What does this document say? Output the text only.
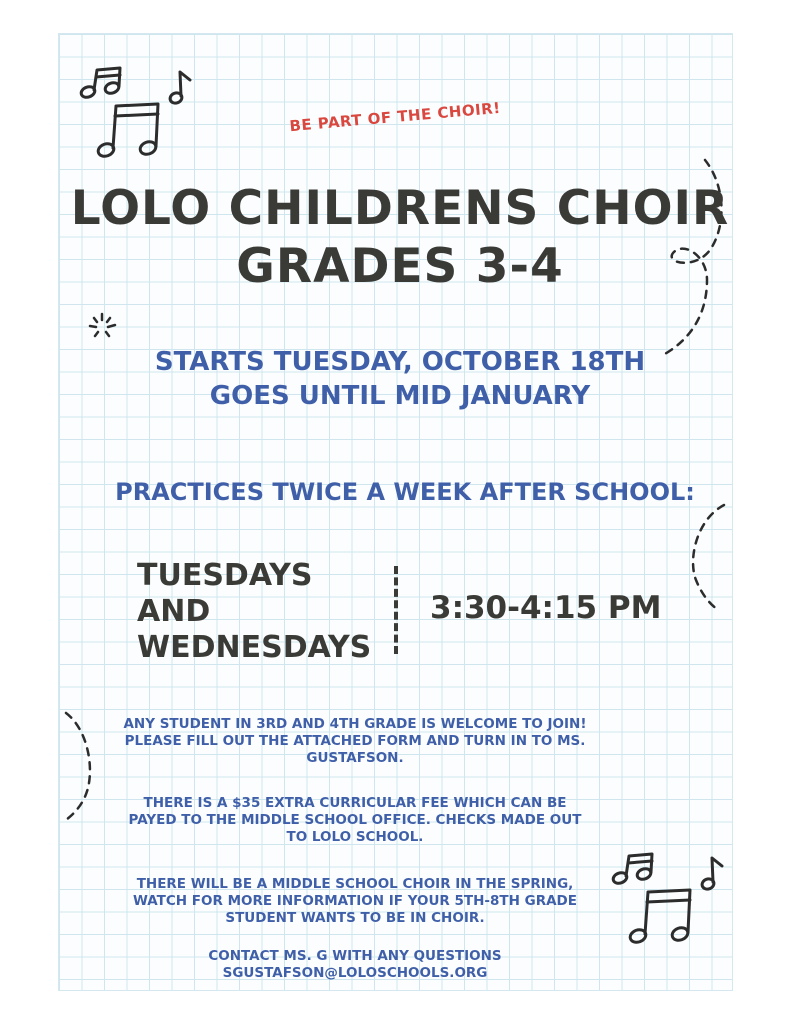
BE PART OF THE CHOIR!
LOLO CHILDRENS CHOIR
GRADES 3-4
STARTS TUESDAY, OCTOBER 18TH
GOES UNTIL MID JANUARY
PRACTICES TWICE A WEEK AFTER SCHOOL:
TUESDAYS
AND
WEDNESDAYS
3:30-4:15 PM
ANY STUDENT IN 3RD AND 4TH GRADE IS WELCOME TO JOIN!
PLEASE FILL OUT THE ATTACHED FORM AND TURN IN TO MS.
GUSTAFSON.
THERE IS A $35 EXTRA CURRICULAR FEE WHICH CAN BE
PAYED TO THE MIDDLE SCHOOL OFFICE. CHECKS MADE OUT
TO LOLO SCHOOL.
THERE WILL BE A MIDDLE SCHOOL CHOIR IN THE SPRING,
WATCH FOR MORE INFORMATION IF YOUR 5TH-8TH GRADE
STUDENT WANTS TO BE IN CHOIR.
CONTACT MS. G WITH ANY QUESTIONS
SGUSTAFSON@LOLOSCHOOLS.ORG
